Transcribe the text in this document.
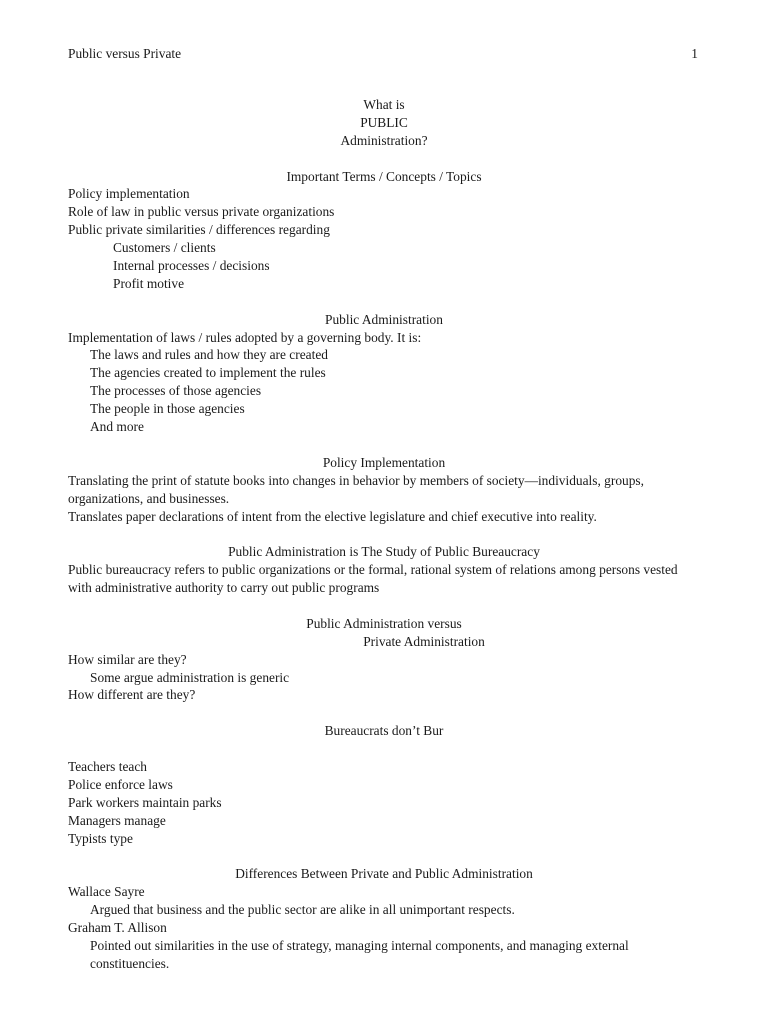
Public versus Private	1
What is
PUBLIC
Administration?
Important Terms / Concepts / Topics
Policy implementation
Role of law in public versus private organizations
Public private similarities / differences regarding
Customers / clients
Internal processes / decisions
Profit motive
Public Administration
Implementation of laws / rules adopted by a governing body. It is:
The laws and rules and how they are created
The agencies created to implement the rules
The processes of those agencies
The people in those agencies
And more
Policy Implementation
Translating the print of statute books into changes in behavior by members of society—individuals, groups, organizations, and businesses.
Translates paper declarations of intent from the elective legislature and chief executive into reality.
Public Administration is The Study of Public Bureaucracy
Public bureaucracy refers to public organizations or the formal, rational system of relations among persons vested with administrative authority to carry out public programs
Public Administration versus
Private Administration
How similar are they?
Some argue administration is generic
How different are they?
Bureaucrats don’t Bur
Teachers teach
Police enforce laws
Park workers maintain parks
Managers manage
Typists type
Differences Between Private and Public Administration
Wallace Sayre
Argued that business and the public sector are alike in all unimportant respects.
Graham T. Allison
Pointed out similarities in the use of strategy, managing internal components, and managing external constituencies.
